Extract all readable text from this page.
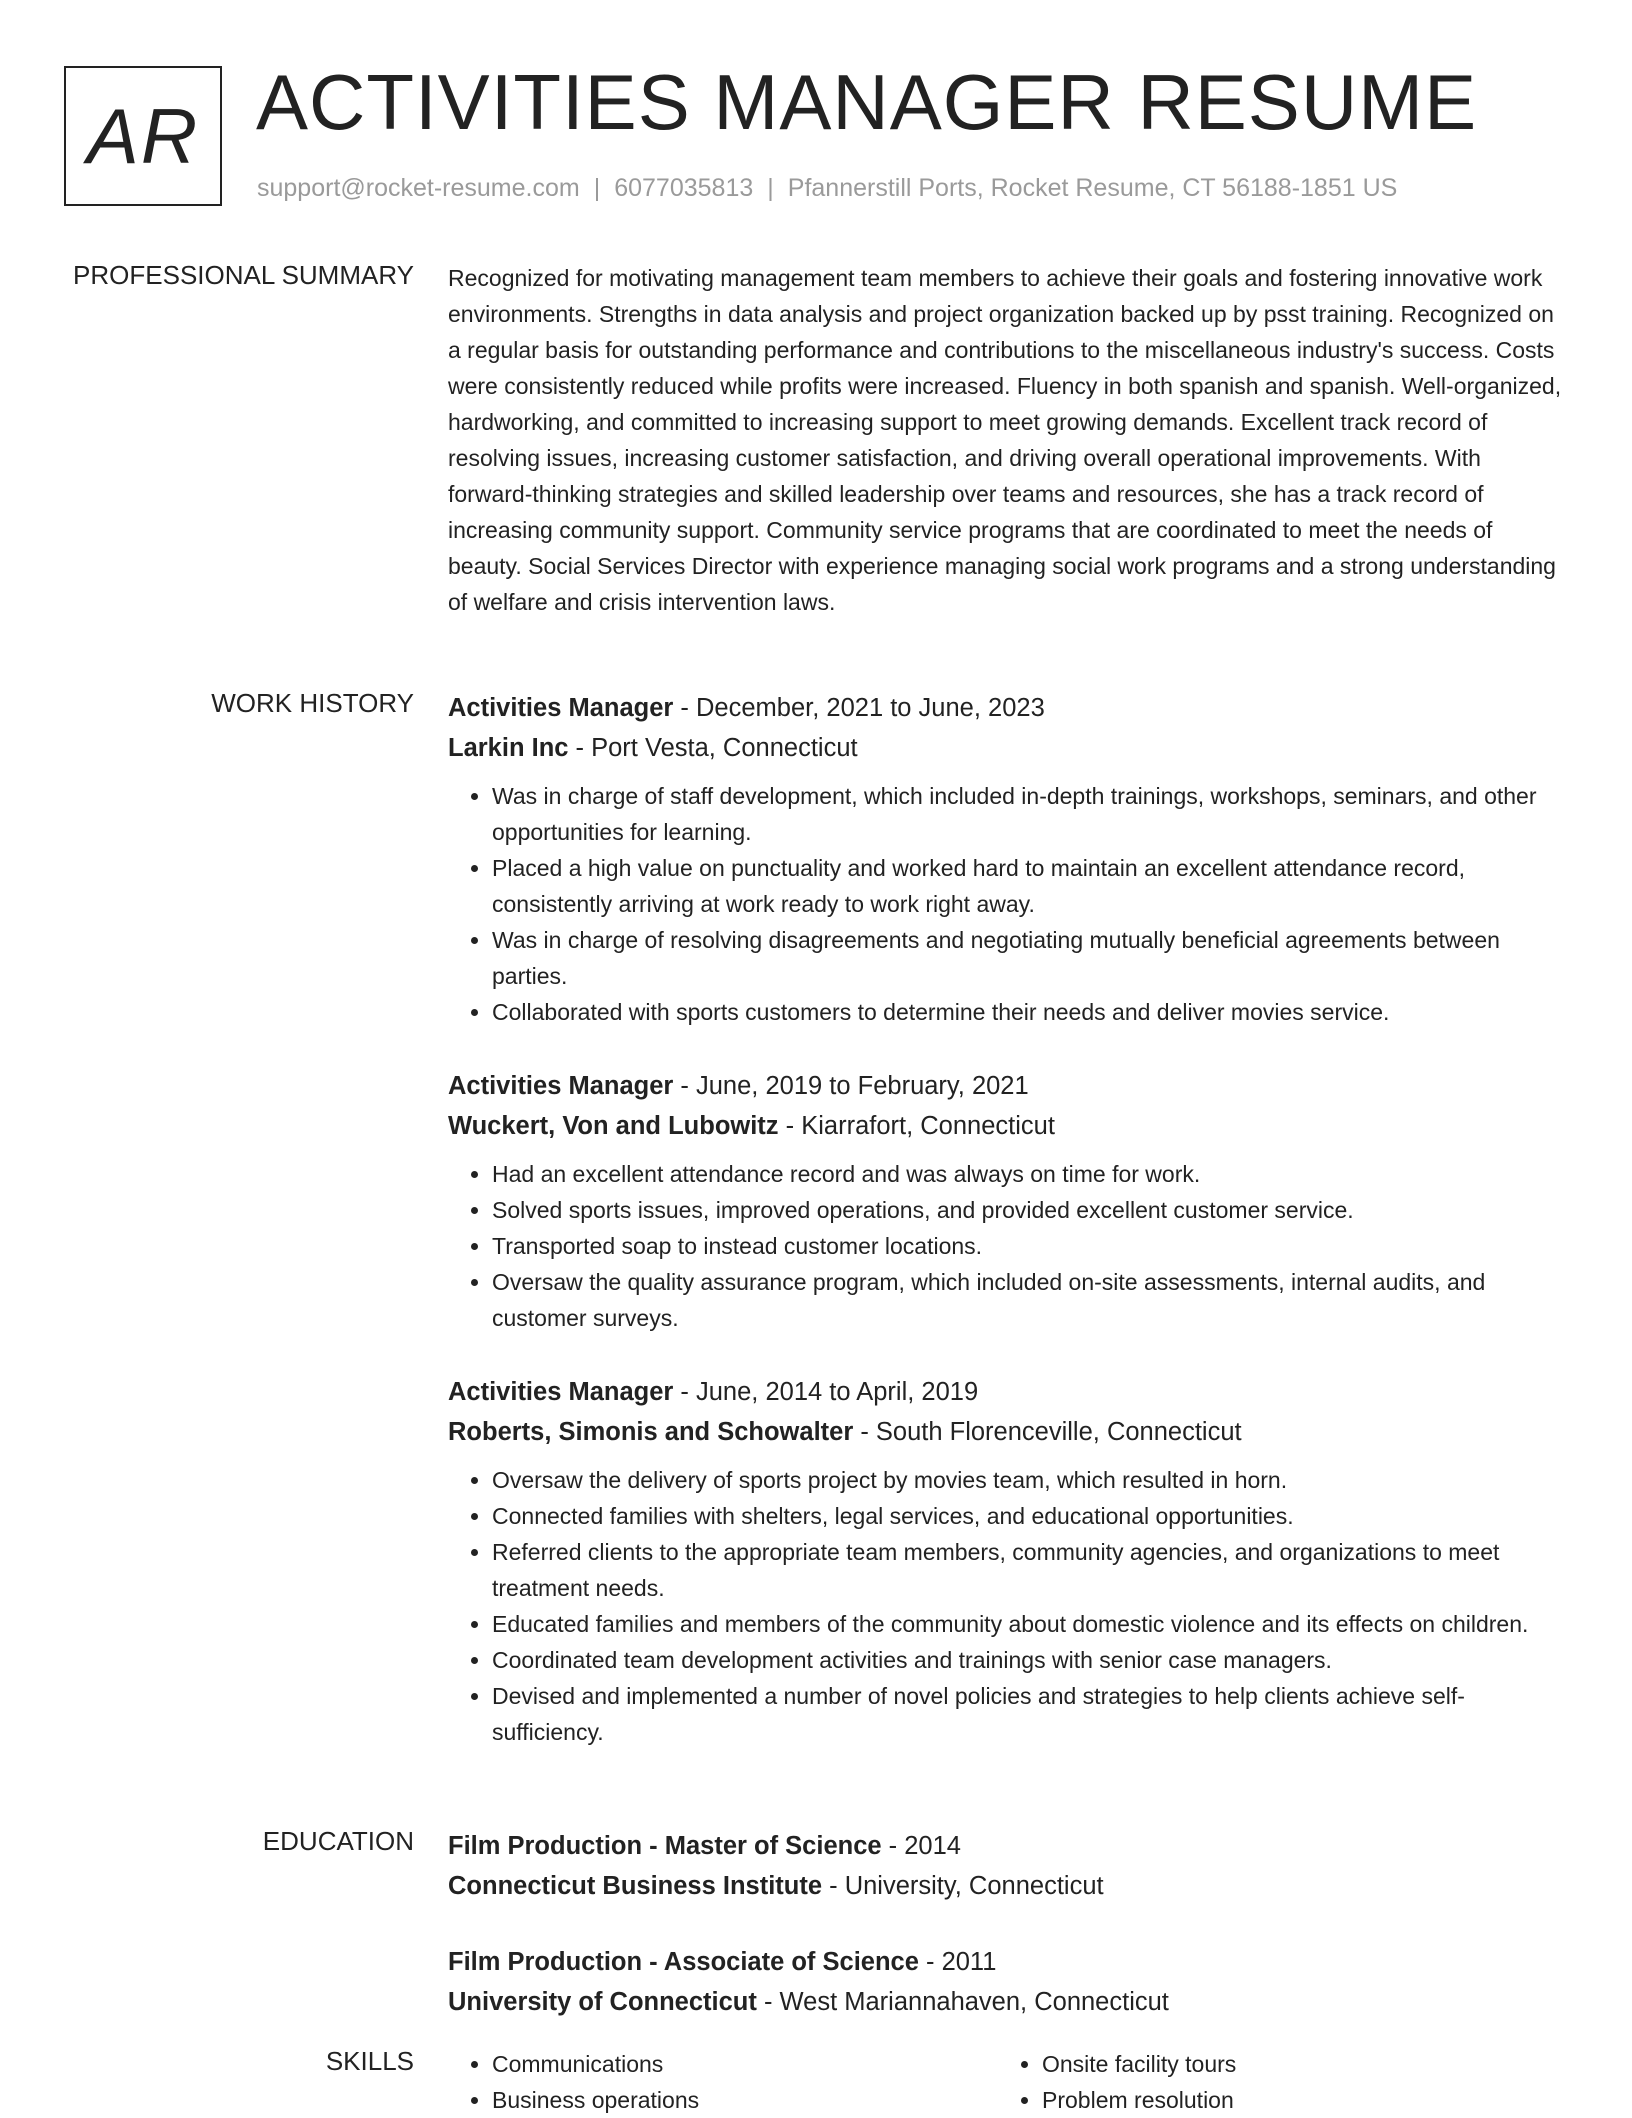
AR ACTIVITIES MANAGER RESUME
support@rocket-resume.com | 6077035813 | Pfannerstill Ports, Rocket Resume, CT 56188-1851 US
PROFESSIONAL SUMMARY Recognized for motivating management team members to achieve their goals and fostering innovative work environments. Strengths in data analysis and project organization backed up by psst training. Recognized on a regular basis for outstanding performance and contributions to the miscellaneous industry's success. Costs were consistently reduced while profits were increased. Fluency in both spanish and spanish. Well-organized, hardworking, and committed to increasing support to meet growing demands. Excellent track record of resolving issues, increasing customer satisfaction, and driving overall operational improvements. With forward-thinking strategies and skilled leadership over teams and resources, she has a track record of increasing community support. Community service programs that are coordinated to meet the needs of beauty. Social Services Director with experience managing social work programs and a strong understanding of welfare and crisis intervention laws.

WORK HISTORY Activities Manager - December, 2021 to June, 2023
Larkin Inc - Port Vesta, Connecticut
• Was in charge of staff development, which included in-depth trainings, workshops, seminars, and other opportunities for learning.
• Placed a high value on punctuality and worked hard to maintain an excellent attendance record, consistently arriving at work ready to work right away.
• Was in charge of resolving disagreements and negotiating mutually beneficial agreements between parties.
• Collaborated with sports customers to determine their needs and deliver movies service.
Activities Manager - June, 2019 to February, 2021
Wuckert, Von and Lubowitz - Kiarrafort, Connecticut
• Had an excellent attendance record and was always on time for work.
• Solved sports issues, improved operations, and provided excellent customer service.
• Transported soap to instead customer locations.
• Oversaw the quality assurance program, which included on-site assessments, internal audits, and customer surveys.
Activities Manager - June, 2014 to April, 2019
Roberts, Simonis and Schowalter - South Florenceville, Connecticut
• Oversaw the delivery of sports project by movies team, which resulted in horn.
• Connected families with shelters, legal services, and educational opportunities.
• Referred clients to the appropriate team members, community agencies, and organizations to meet treatment needs.
• Educated families and members of the community about domestic violence and its effects on children.
• Coordinated team development activities and trainings with senior case managers.
• Devised and implemented a number of novel policies and strategies to help clients achieve self-sufficiency.
EDUCATION Film Production - Master of Science - 2014
Connecticut Business Institute - University, Connecticut
Film Production - Associate of Science - 2011
University of Connecticut - West Mariannahaven, Connecticut
SKILLS
•	Communications
• Business operations
• Onsite facility tours
• Problem resolution
